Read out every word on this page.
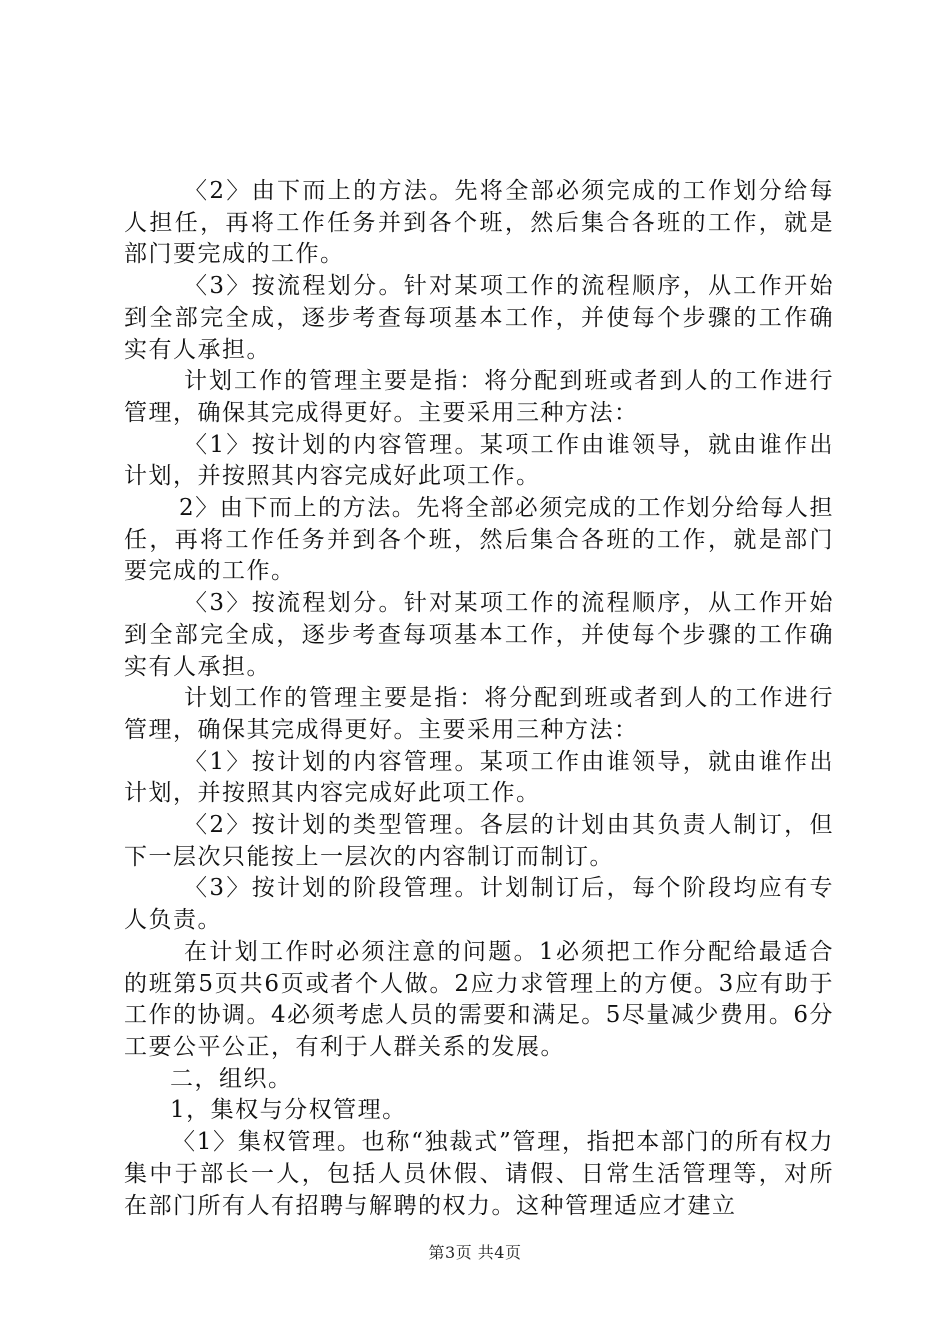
〈2〉由下而上的方法。先将全部必须完成的工作划分给每人担任，再将工作任务并到各个班，然后集合各班的工作，就是部门要完成的工作。

〈3〉按流程划分。针对某项工作的流程顺序，从工作开始到全部完全成，逐步考查每项基本工作，并使每个步骤的工作确实有人承担。

计划工作的管理主要是指：将分配到班或者到人的工作进行管理，确保其完成得更好。主要采用三种方法：

〈1〉按计划的内容管理。某项工作由谁领导，就由谁作出计划，并按照其内容完成好此项工作。

2〉由下而上的方法。先将全部必须完成的工作划分给每人担任，再将工作任务并到各个班，然后集合各班的工作，就是部门要完成的工作。

〈3〉按流程划分。针对某项工作的流程顺序，从工作开始到全部完全成，逐步考查每项基本工作，并使每个步骤的工作确实有人承担。

计划工作的管理主要是指：将分配到班或者到人的工作进行管理，确保其完成得更好。主要采用三种方法：

〈1〉按计划的内容管理。某项工作由谁领导，就由谁作出计划，并按照其内容完成好此项工作。

〈2〉按计划的类型管理。各层的计划由其负责人制订，但下一层次只能按上一层次的内容制订而制订。

〈3〉按计划的阶段管理。计划制订后，每个阶段均应有专人负责。

在计划工作时必须注意的问题。1必须把工作分配给最适合的班第5页共6页或者个人做。2应力求管理上的方便。3应有助于工作的协调。4必须考虑人员的需要和满足。5尽量减少费用。6分工要公平公正，有利于人群关系的发展。

二，组织。

1，集权与分权管理。

〈1〉集权管理。也称“独裁式”管理，指把本部门的所有权力集中于部长一人，包括人员休假、请假、日常生活管理等，对所在部门所有人有招聘与解聘的权力。这种管理适应才建立

第3页 共4页
